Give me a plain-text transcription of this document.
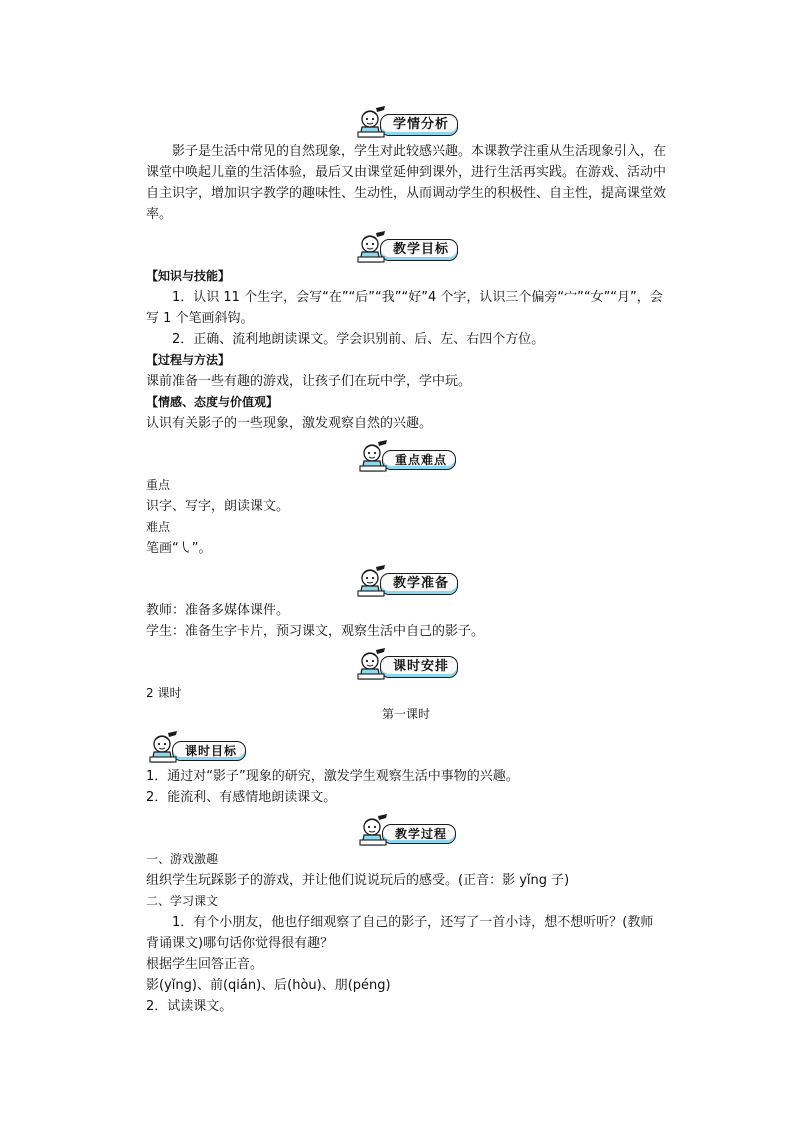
学情分析

影子是生活中常见的自然现象，学生对此较感兴趣。本课教学注重从生活现象引入，在课堂中唤起儿童的生活体验，最后又由课堂延伸到课外，进行生活再实践。在游戏、活动中自主识字，增加识字教学的趣味性、生动性，从而调动学生的积极性、自主性，提高课堂效率。

教学目标

【知识与技能】

1．认识 11 个生字，会写“在”“后”“我”“好”4 个字，认识三个偏旁“宀”“女”“月”，会写 1 个笔画斜钩。

2．正确、流利地朗读课文。学会识别前、后、左、右四个方位。

【过程与方法】

课前准备一些有趣的游戏，让孩子们在玩中学，学中玩。

【情感、态度与价值观】

认识有关影子的一些现象，激发观察自然的兴趣。

重点难点

重点

识字、写字，朗读课文。

难点

笔画“㇂”。

教学准备

教师：准备多媒体课件。

学生：准备生字卡片，预习课文，观察生活中自己的影子。

课时安排

2 课时

第一课时

课时目标

1．通过对“影子”现象的研究，激发学生观察生活中事物的兴趣。

2．能流利、有感情地朗读课文。

教学过程

一、游戏激趣

组织学生玩踩影子的游戏，并让他们说说玩后的感受。(正音：影 yǐng 子)

二、学习课文

1．有个小朋友，他也仔细观察了自己的影子，还写了一首小诗，想不想听听？(教师背诵课文)哪句话你觉得很有趣？

根据学生回答正音。

影(yǐng)、前(qián)、后(hòu)、朋(péng)

2．试读课文。
